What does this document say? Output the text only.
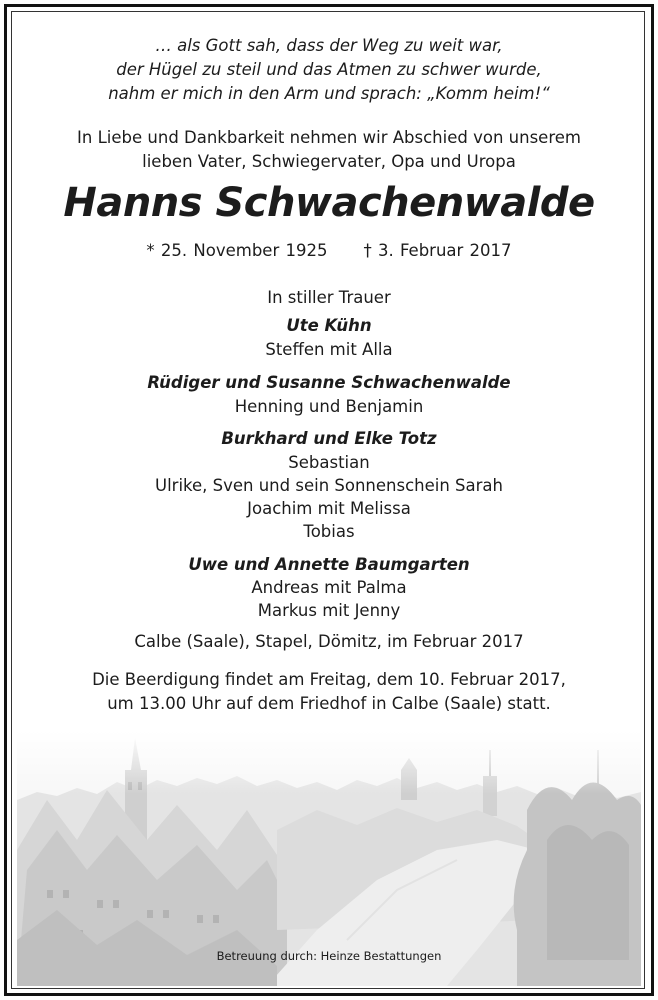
… als Gott sah, dass der Weg zu weit war,
der Hügel zu steil und das Atmen zu schwer wurde,
nahm er mich in den Arm und sprach: „Komm heim!“
In Liebe und Dankbarkeit nehmen wir Abschied von unserem
lieben Vater, Schwiegervater, Opa und Uropa
Hanns Schwachenwalde
* 25. November 1925 † 3. Februar 2017
In stiller Trauer
Ute Kühn
Steffen mit Alla
Rüdiger und Susanne Schwachenwalde
Henning und Benjamin
Burkhard und Elke Totz
Sebastian
Ulrike, Sven und sein Sonnenschein Sarah
Joachim mit Melissa
Tobias
Uwe und Annette Baumgarten
Andreas mit Palma
Markus mit Jenny
Calbe (Saale), Stapel, Dömitz, im Februar 2017
Die Beerdigung findet am Freitag, dem 10. Februar 2017,
um 13.00 Uhr auf dem Friedhof in Calbe (Saale) statt.
Betreuung durch: Heinze Bestattungen
